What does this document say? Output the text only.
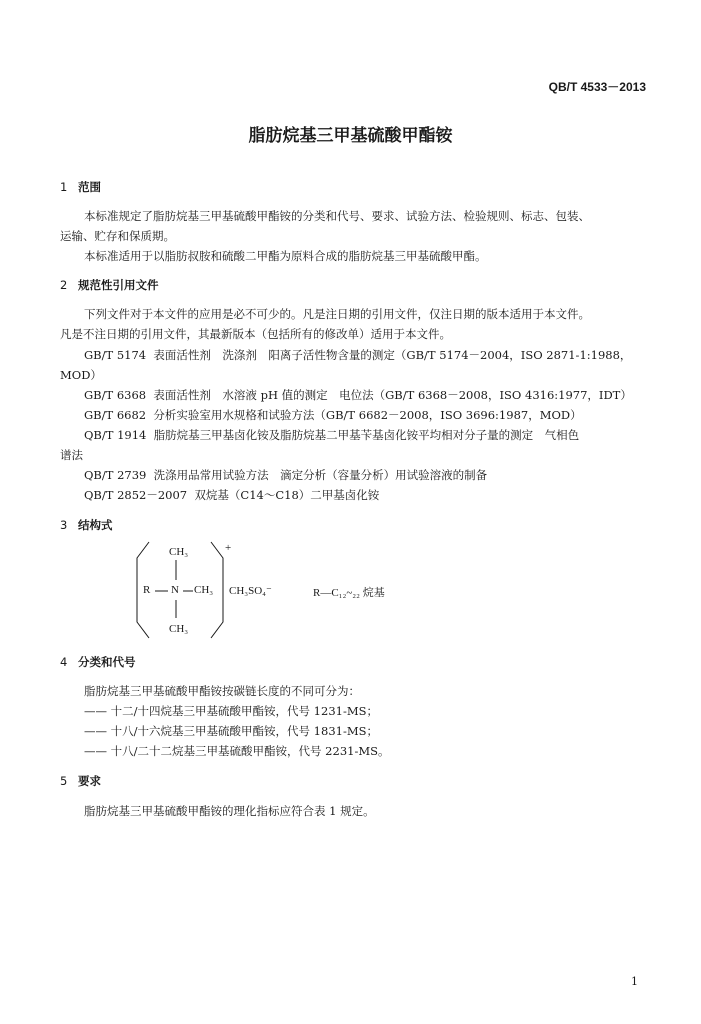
QB/T 4533－2013
脂肪烷基三甲基硫酸甲酯铵
1 范围
本标准规定了脂肪烷基三甲基硫酸甲酯铵的分类和代号、要求、试验方法、检验规则、标志、包装、
运输、贮存和保质期。
本标准适用于以脂肪叔胺和硫酸二甲酯为原料合成的脂肪烷基三甲基硫酸甲酯。
2 规范性引用文件
下列文件对于本文件的应用是必不可少的。凡是注日期的引用文件，仅注日期的版本适用于本文件。
凡是不注日期的引用文件，其最新版本（包括所有的修改单）适用于本文件。
GB/T 5174 表面活性剂　洗涤剂　阳离子活性物含量的测定（GB/T 5174－2004，ISO 2871-1:1988，
MOD）
GB/T 6368 表面活性剂　水溶液 pH 值的测定　电位法（GB/T 6368－2008，ISO 4316:1977，IDT）
GB/T 6682 分析实验室用水规格和试验方法（GB/T 6682－2008，ISO 3696:1987，MOD）
QB/T 1914 脂肪烷基三甲基卤化铵及脂肪烷基二甲基苄基卤化铵平均相对分子量的测定　气相色
谱法
QB/T 2739 洗涤用品常用试验方法　滴定分析（容量分析）用试验溶液的制备
QB/T 2852－2007 双烷基（C14～C18）二甲基卤化铵
3 结构式
CH₃	+
R N CH₃
CH₃
CH₃SO₄⁻	R—C₁₂~₂₂ 烷基
4 分类和代号
脂肪烷基三甲基硫酸甲酯铵按碳链长度的不同可分为：
—— 十二/十四烷基三甲基硫酸甲酯铵，代号 1231-MS；
—— 十八/十六烷基三甲基硫酸甲酯铵，代号 1831-MS；
—— 十八/二十二烷基三甲基硫酸甲酯铵，代号 2231-MS。
5 要求
脂肪烷基三甲基硫酸甲酯铵的理化指标应符合表 1 规定。
1
